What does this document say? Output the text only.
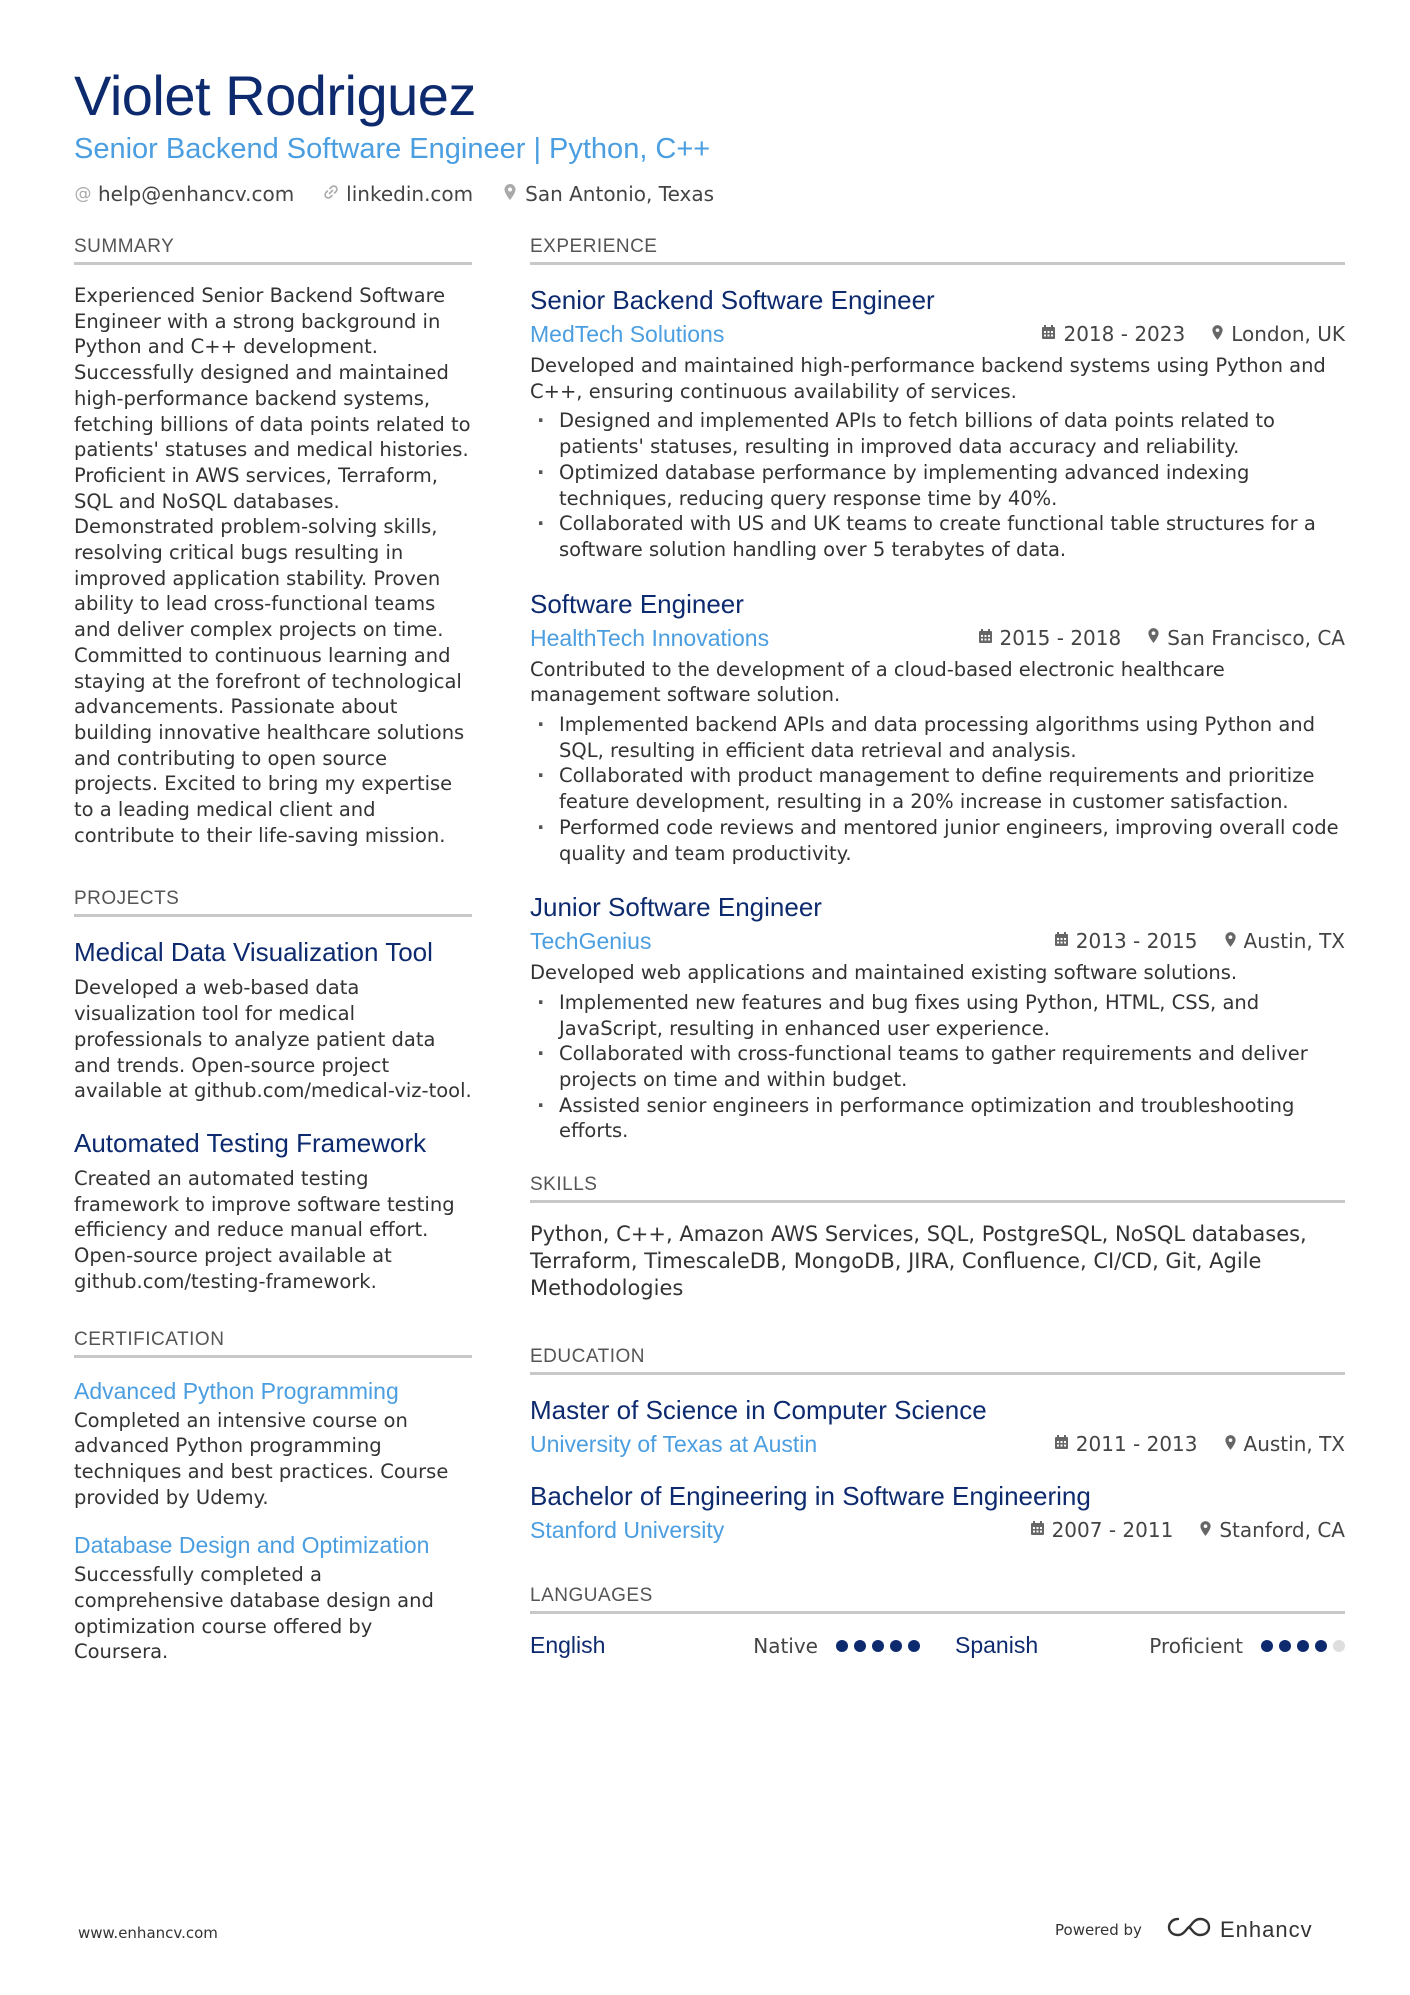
Violet Rodriguez
Senior Backend Software Engineer | Python, C++
@ help@enhancv.com	linkedin.com	San Antonio, Texas
SUMMARY
Experienced Senior Backend Software Engineer with a strong background in Python and C++ development. Successfully designed and maintained high-performance backend systems, fetching billions of data points related to patients' statuses and medical histories. Proficient in AWS services, Terraform, SQL and NoSQL databases. Demonstrated problem-solving skills, resolving critical bugs resulting in improved application stability. Proven ability to lead cross-functional teams and deliver complex projects on time. Committed to continuous learning and staying at the forefront of technological advancements. Passionate about building innovative healthcare solutions and contributing to open source projects. Excited to bring my expertise to a leading medical client and contribute to their life-saving mission.
PROJECTS
Medical Data Visualization Tool
Developed a web-based data visualization tool for medical professionals to analyze patient data and trends. Open-source project available at github.com/medical-viz-tool.
Automated Testing Framework
Created an automated testing framework to improve software testing efficiency and reduce manual effort. Open-source project available at github.com/testing-framework.
CERTIFICATION
Advanced Python Programming
Completed an intensive course on advanced Python programming techniques and best practices. Course provided by Udemy.
Database Design and Optimization
Successfully completed a comprehensive database design and optimization course offered by Coursera.
EXPERIENCE
Senior Backend Software Engineer
MedTech Solutions	2018 - 2023 London, UK
Developed and maintained high-performance backend systems using Python and C++, ensuring continuous availability of services.
· Designed and implemented APIs to fetch billions of data points related to patients' statuses, resulting in improved data accuracy and reliability.
· Optimized database performance by implementing advanced indexing techniques, reducing query response time by 40%.
· Collaborated with US and UK teams to create functional table structures for a software solution handling over 5 terabytes of data.
Software Engineer
HealthTech Innovations	2015 - 2018 San Francisco, CA
Contributed to the development of a cloud-based electronic healthcare management software solution.
· Implemented backend APIs and data processing algorithms using Python and SQL, resulting in efficient data retrieval and analysis.
· Collaborated with product management to define requirements and prioritize feature development, resulting in a 20% increase in customer satisfaction.
· Performed code reviews and mentored junior engineers, improving overall code quality and team productivity.
Junior Software Engineer
TechGenius	2013 - 2015 Austin, TX
Developed web applications and maintained existing software solutions.
· Implemented new features and bug fixes using Python, HTML, CSS, and JavaScript, resulting in enhanced user experience.
· Collaborated with cross-functional teams to gather requirements and deliver projects on time and within budget.
· Assisted senior engineers in performance optimization and troubleshooting efforts.
SKILLS
Python, C++, Amazon AWS Services, SQL, PostgreSQL, NoSQL databases, Terraform, TimescaleDB, MongoDB, JIRA, Confluence, CI/CD, Git, Agile Methodologies
EDUCATION
Master of Science in Computer Science
University of Texas at Austin	2011 - 2013 Austin, TX
Bachelor of Engineering in Software Engineering
Stanford University	2007 - 2011 Stanford, CA
LANGUAGES
English	Native	Spanish	Proficient
www.enhancv.com	Powered by	Enhancv
